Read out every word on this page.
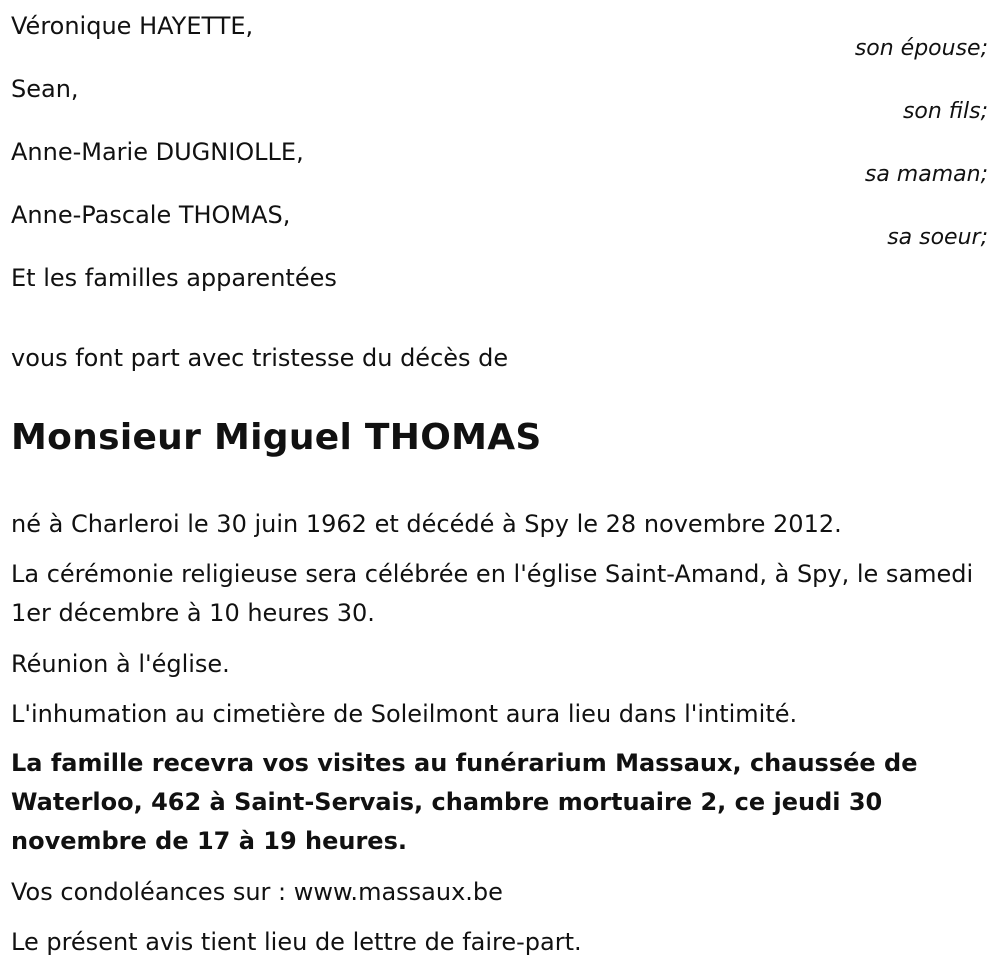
Véronique HAYETTE,
son épouse;
Sean,
son fils;
Anne-Marie DUGNIOLLE,
sa maman;
Anne-Pascale THOMAS,
sa soeur;
Et les familles apparentées
vous font part avec tristesse du décès de
Monsieur Miguel THOMAS
né à Charleroi le 30 juin 1962 et décédé à Spy le 28 novembre 2012.
La cérémonie religieuse sera célébrée en l'église Saint-Amand, à Spy, le samedi 1er décembre à 10 heures 30.
Réunion à l'église.
L'inhumation au cimetière de Soleilmont aura lieu dans l'intimité.
La famille recevra vos visites au funérarium Massaux, chaussée de Waterloo, 462 à Saint-Servais, chambre mortuaire 2, ce jeudi 30 novembre de 17 à 19 heures.
Vos condoléances sur : www.massaux.be
Le présent avis tient lieu de lettre de faire-part.
